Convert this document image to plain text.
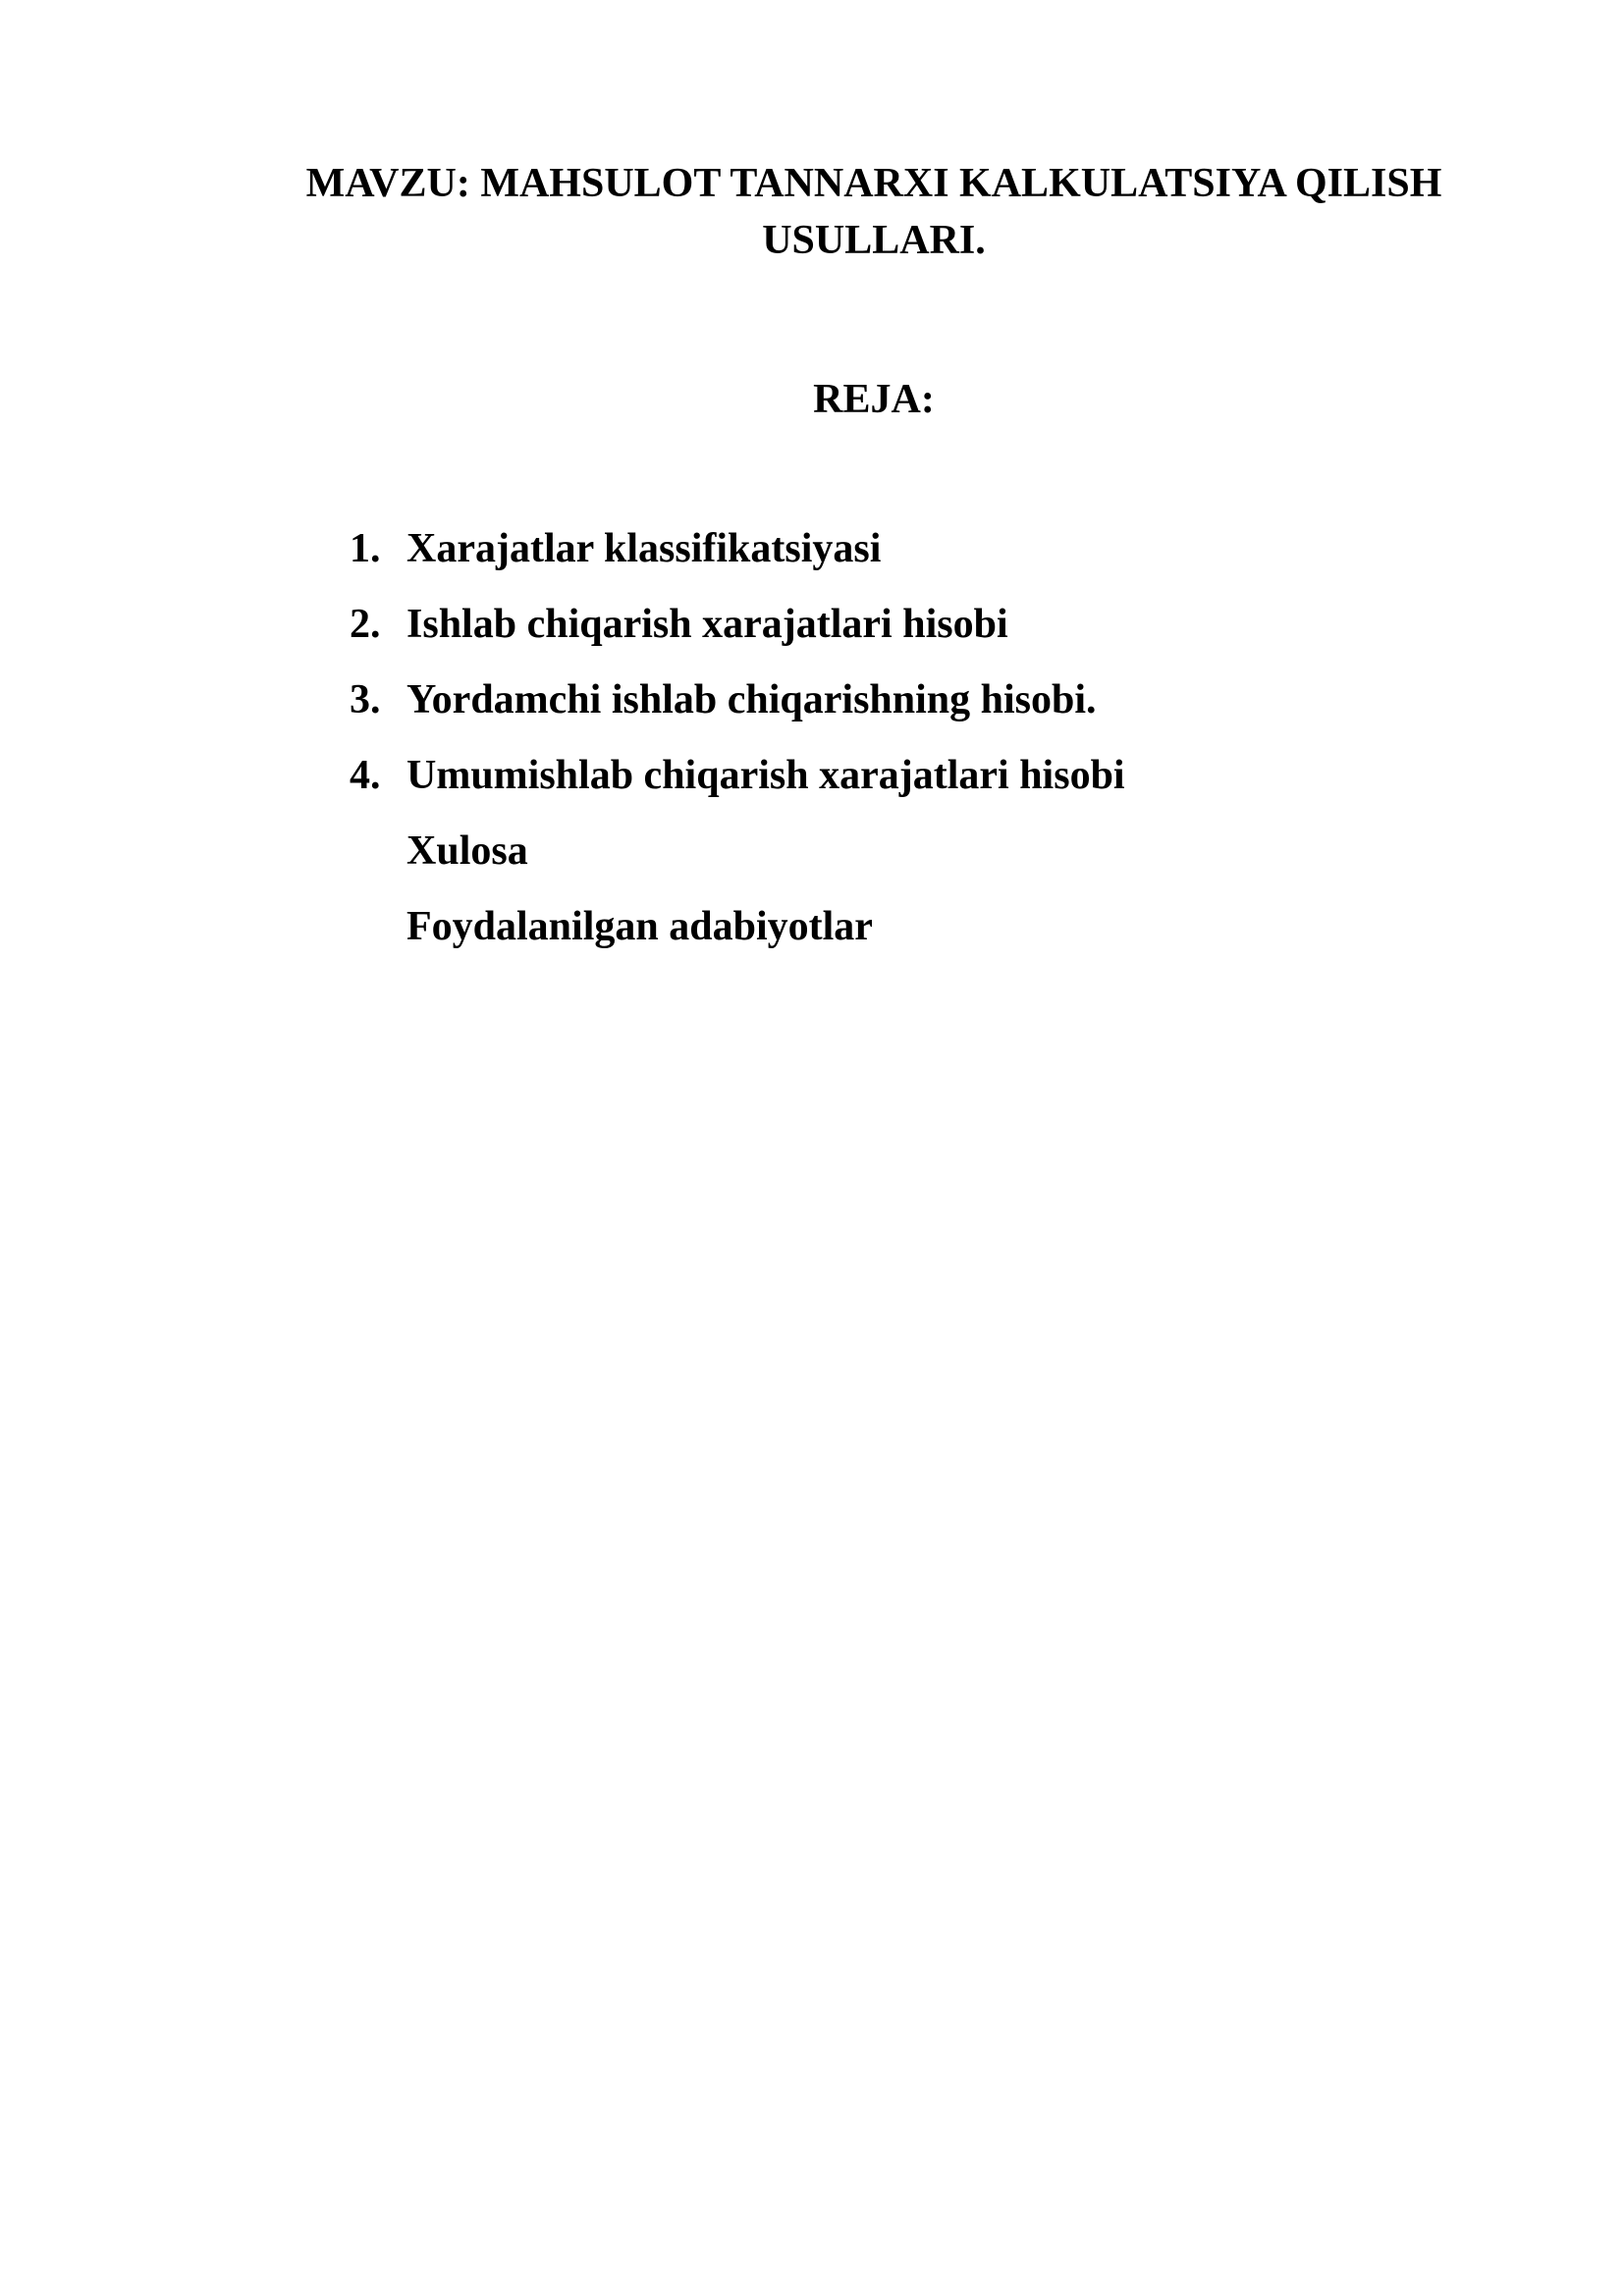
MAVZU: MAHSULOT TANNARXI KALKULATSIYA QILISH
USULLARI.
REJA:
1. Xarajatlar klassifikatsiyasi
2. Ishlab chiqarish xarajatlari hisobi
3. Yordamchi ishlab chiqarishning hisobi.
4. Umumishlab chiqarish xarajatlari hisobi
Xulosa
Foydalanilgan adabiyotlar
